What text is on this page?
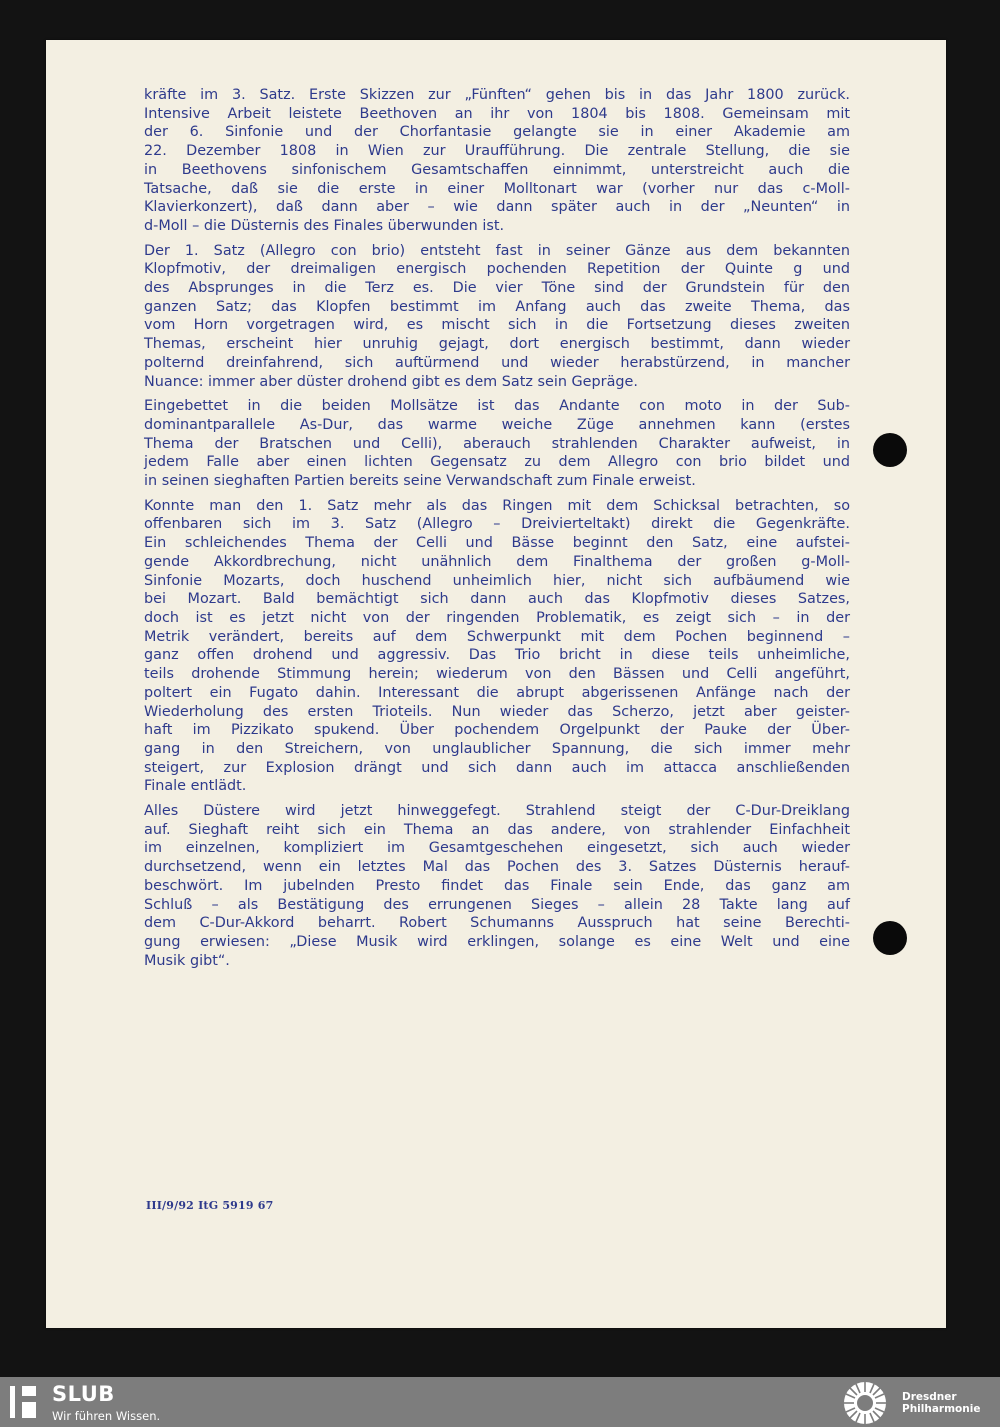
kräfte im 3. Satz. Erste Skizzen zur „Fünften“ gehen bis in das Jahr 1800 zurück.
Intensive Arbeit leistete Beethoven an ihr von 1804 bis 1808. Gemeinsam mit
der 6. Sinfonie und der Chorfantasie gelangte sie in einer Akademie am
22. Dezember 1808 in Wien zur Uraufführung. Die zentrale Stellung, die sie
in Beethovens sinfonischem Gesamtschaffen einnimmt, unterstreicht auch die
Tatsache, daß sie die erste in einer Molltonart war (vorher nur das c-Moll-
Klavierkonzert), daß dann aber – wie dann später auch in der „Neunten“ in
d-Moll – die Düsternis des Finales überwunden ist.

Der 1. Satz (Allegro con brio) entsteht fast in seiner Gänze aus dem bekannten
Klopfmotiv, der dreimaligen energisch pochenden Repetition der Quinte g und
des Absprunges in die Terz es. Die vier Töne sind der Grundstein für den
ganzen Satz; das Klopfen bestimmt im Anfang auch das zweite Thema, das
vom Horn vorgetragen wird, es mischt sich in die Fortsetzung dieses zweiten
Themas, erscheint hier unruhig gejagt, dort energisch bestimmt, dann wieder
polternd dreinfahrend, sich auftürmend und wieder herabstürzend, in mancher
Nuance: immer aber düster drohend gibt es dem Satz sein Gepräge.

Eingebettet in die beiden Mollsätze ist das Andante con moto in der Sub-
dominantparallele As-Dur, das warme weiche Züge annehmen kann (erstes
Thema der Bratschen und Celli), aberauch strahlenden Charakter aufweist, in
jedem Falle aber einen lichten Gegensatz zu dem Allegro con brio bildet und
in seinen sieghaften Partien bereits seine Verwandschaft zum Finale erweist.

Konnte man den 1. Satz mehr als das Ringen mit dem Schicksal betrachten, so
offenbaren sich im 3. Satz (Allegro – Dreivierteltakt) direkt die Gegenkräfte.
Ein schleichendes Thema der Celli und Bässe beginnt den Satz, eine aufstei-
gende Akkordbrechung, nicht unähnlich dem Finalthema der großen g-Moll-
Sinfonie Mozarts, doch huschend unheimlich hier, nicht sich aufbäumend wie
bei Mozart. Bald bemächtigt sich dann auch das Klopfmotiv dieses Satzes,
doch ist es jetzt nicht von der ringenden Problematik, es zeigt sich – in der
Metrik verändert, bereits auf dem Schwerpunkt mit dem Pochen beginnend –
ganz offen drohend und aggressiv. Das Trio bricht in diese teils unheimliche,
teils drohende Stimmung herein; wiederum von den Bässen und Celli angeführt,
poltert ein Fugato dahin. Interessant die abrupt abgerissenen Anfänge nach der
Wiederholung des ersten Trioteils. Nun wieder das Scherzo, jetzt aber geister-
haft im Pizzikato spukend. Über pochendem Orgelpunkt der Pauke der Über-
gang in den Streichern, von unglaublicher Spannung, die sich immer mehr
steigert, zur Explosion drängt und sich dann auch im attacca anschließenden
Finale entlädt.

Alles Düstere wird jetzt hinweggefegt. Strahlend steigt der C-Dur-Dreiklang
auf. Sieghaft reiht sich ein Thema an das andere, von strahlender Einfachheit
im einzelnen, kompliziert im Gesamtgeschehen eingesetzt, sich auch wieder
durchsetzend, wenn ein letztes Mal das Pochen des 3. Satzes Düsternis herauf-
beschwört. Im jubelnden Presto findet das Finale sein Ende, das ganz am
Schluß – als Bestätigung des errungenen Sieges – allein 28 Takte lang auf
dem C-Dur-Akkord beharrt. Robert Schumanns Ausspruch hat seine Berechti-
gung erwiesen: „Diese Musik wird erklingen, solange es eine Welt und eine
Musik gibt“.

III/9/92 ItG 5919 67
SLUB
Wir führen Wissen.
Dresdner
Philharmonie
